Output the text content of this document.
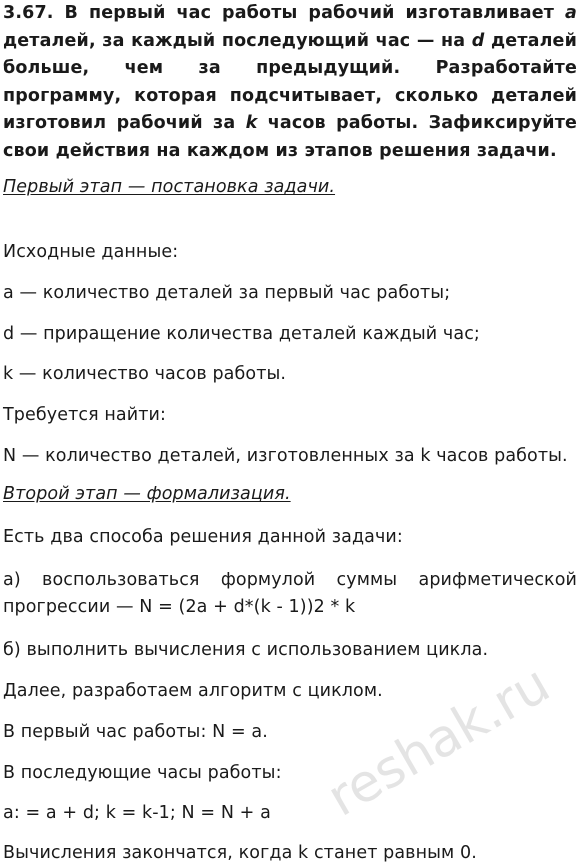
3.67. В первый час работы рабочий изготавливает a деталей, за каждый последующий час — на d деталей больше, чем за предыдущий. Разработайте программу, которая подсчитывает, сколько деталей изготовил рабочий за k часов работы. Зафиксируйте свои действия на каждом из этапов решения задачи.
Первый этап — постановка задачи.
Исходные данные:
a — количество деталей за первый час работы;
d — приращение количества деталей каждый час;
k — количество часов работы.
Требуется найти:
N — количество деталей, изготовленных за k часов работы.
Второй этап — формализация.
Есть два способа решения данной задачи:
а) воспользоваться формулой суммы арифметической прогрессии — N = (2a + d*(k - 1))2 * k
б) выполнить вычисления с использованием цикла.
Далее, разработаем алгоритм с циклом.
В первый час работы: N = a.
В последующие часы работы:
a: = a + d; k = k-1; N = N + a
Вычисления закончатся, когда k станет равным 0.
reshak.ru
